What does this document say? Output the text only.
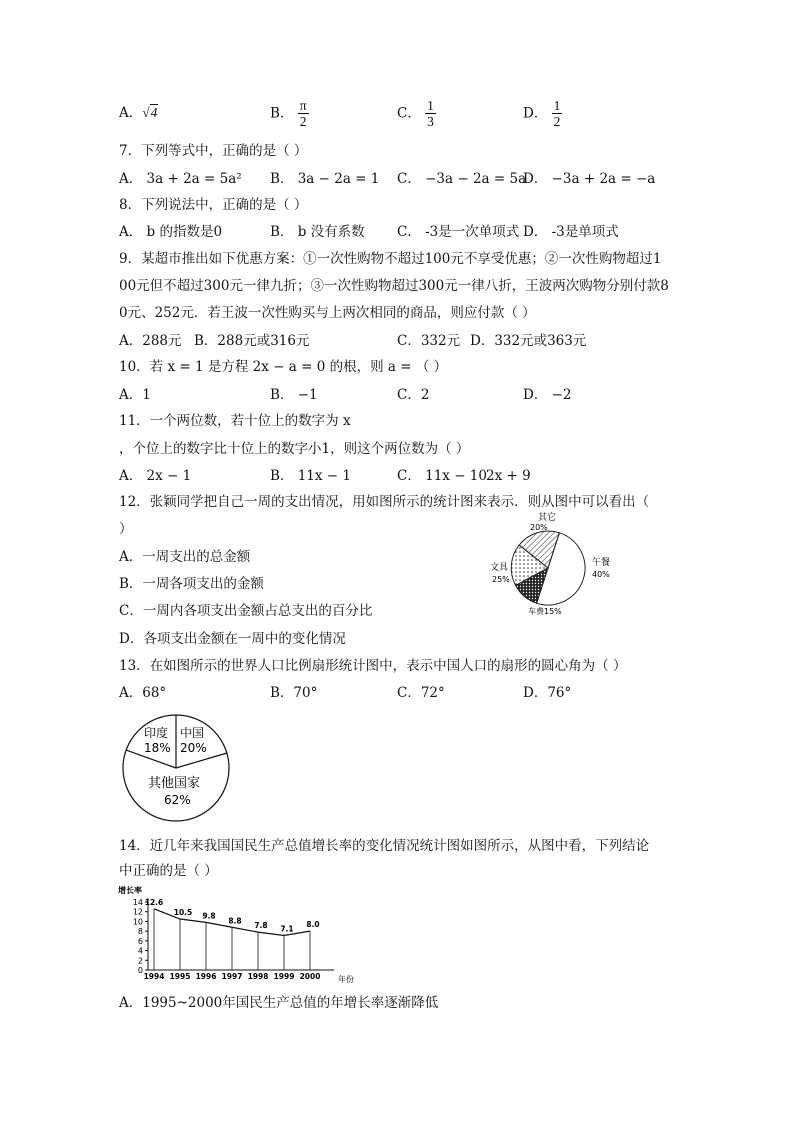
A．√4	B． $\frac{\pi}{2}$	C． $\frac{1}{3}$	D． $\frac{1}{2}$
7．下列等式中，正确的是（ ）
A． 3a + 2a = 5a² B． 3a − 2a = 1 C． −3a − 2a = 5a
D． −3a + 2a = −a
8．下列说法中，正确的是（ ）
A． b 的指数是0	B． b 没有系数 C． -3是一次单项式 D． -3是单项式
9．某超市推出如下优惠方案：①一次性购物不超过100元不享受优惠；②一次性购物超过1
00元但不超过300元一律九折；③一次性购物超过300元一律八折，王波两次购物分别付款8
0元、252元．若王波一次性购买与上两次相同的商品，则应付款（ ）
A．288元 B．288元或316元	C．332元 D．332元或363元
10．若 x = 1 是方程 2x − a = 0 的根，则 a = （ ）
A．1	B． −1	C．2	D． −2
11．一个两位数，若十位上的数字为 x
，个位上的数字比十位上的数字小1，则这个两位数为（ ）
A． 2x − 1	B． 11x − 1	C． 11x − 10 2x + 9
12．张颖同学把自己一周的支出情况，用如图所示的统计图来表示．则从图中可以看出（
）
A．一周支出的总金额
B．一周各项支出的金额
C．一周内各项支出金额占总支出的百分比
D．各项支出金额在一周中的变化情况
其它
20%
午餐
40%
文具
25%
车费15%
13．在如图所示的世界人口比例扇形统计图中，表示中国人口的扇形的圆心角为（ ）
A．68°	B．70°	C．72°	D．76°
印度
18%
中国
20%
其他国家
62%
14．近几年来我国国民生产总值增长率的变化情况统计图如图所示，从图中看，下列结论
中正确的是（ ）
增长率
年份
0
2
4
6
8
10
12
14
1994 1995 1996 1997 1998 1999 2000
12.6
10.5 9.8
8.8
7.8 7.1 8.0
A．1995~2000年国民生产总值的年增长率逐渐降低
